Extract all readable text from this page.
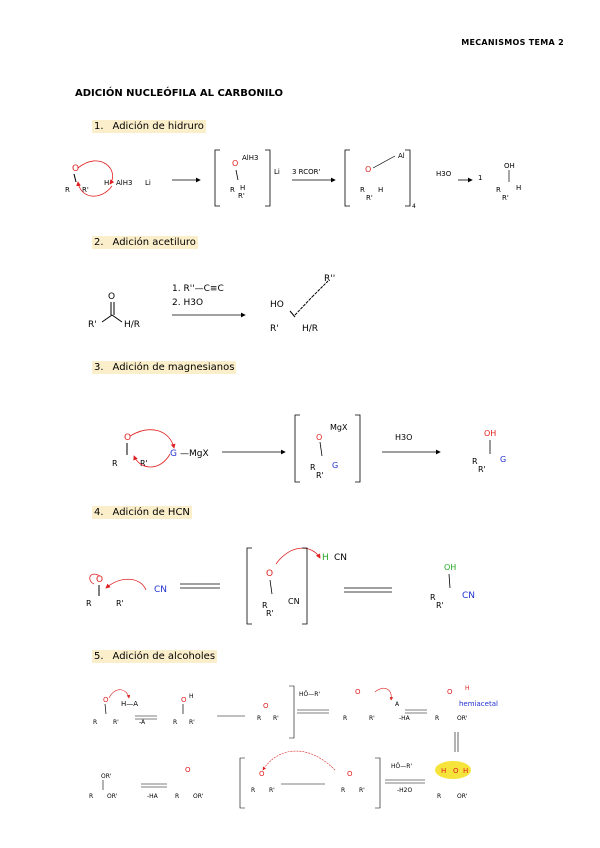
MECANISMOS TEMA 2
ADICIÓN NUCLEÓFILA AL CARBONILO
1. Adición de hidruro
2. Adición acetiluro
3. Adición de magnesianos
4. Adición de HCN
5. Adición de alcoholes
O
R R'
H AlH3 Li
O
AlH3
R H
R'
Li 3 RCOR'	O
Al
R H
R'
4
H3O	1
OH
R H
R'
O
R'	H/R
1. R''—C≡C
2. H3O	HO
R''
R'	H/R
O
R	R'
G —MgX
O
MgX
R G
R'
H3O	OH
R	G
R'
O
R	R'
CN
O
R	CN
R'
H CN
OH
R	CN
R'
O
R	R'
H—A
-A
O H
R R'
O
R R'
HÖ—R'	O
R	R'
A
-HA
O H
R	OR'
hemiacetal
H O H
R	OR'
-H2O
HÖ—R'
O
R R'
O
R R'
O
R OR'
-HA
OR'
R OR'
